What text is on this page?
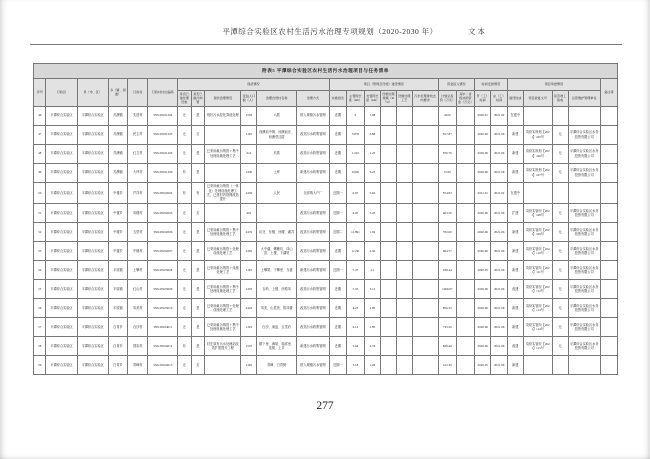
平潭综合实验区农村生活污水治理专项规划（2020-2030 年）	文本
附表5 平潭综合实验区农村生活污水治理项目与任务清单
序号	行政区	县（市、区）	乡（镇、街道）	行政村	行政村村庄编码	现状情况						项目（管网及设施）建设情况						资金投入情况		时间安排情况		项目审批情况				备注等
						是否已建处理设施	是否已截污纳管	现状治理情况	受益人口数（人）	治理自然村名称	治理方式	实施批次	主管网长度（km）	支管网长度（km）	设施处理规模（m³/d）	设施处理工艺	污水处理排放去向要求	计划总投资（万元）	其中：省级补助资金（万元）	开（工）时间	完（工）时间	建设性质	项目批复文号	是否竣工验收	运营维护管理单位	
46	平潭综合实验区	平潭综合实验区	苏澳镇	先进村	350128101204	无	是	现状污水经化粪池处理	1503	六厝	纳入城镇污水管网	近期	0	1.98				2024		2020.01	2021.02	在建中				
47	平潭综合实验区	平潭综合实验区	苏澳镇	民主村	350128101205	无	否		1195	西澳前中街、西澳前北、西澳堂边厝	改造污水收集管网	近期	3.876	6.88				817.87		2020.06	2021.06	新建	岚综实规划【2021】105号	无	平潭综合实验区水务投资有限公司	
48	平潭综合实验区	平潭综合实验区	苏澳镇	红卫村	350128101206	无	是	已采用截污纳管＋集中处理设施处理工艺	612	后厝	改造污水收集管网	近期	1.216	1.25				876.76		2020.06	2021.06	新建	岚综实规划【2021】106号	无	平潭综合实验区水务投资有限公司	
49	平潭综合实验区	平潭综合实验区	苏澳镇	大坪村	350128101300	有	是		1436	土库	新建污水收集管网	近期	0.902	6.23				72.06		2020.06	2021.06	新建	岚综实规划【2021】107号	无	平潭综合实验区水务投资有限公司	
50	平潭综合实验区	平潭综合实验区	中楼乡	芦洋村	350128102004	有	有	已采用截污纳管（一体化）处理设施处理工艺，已建村内管网改造提升	2439	人民	全部纳入户厂	近期一	0.05	5.62				874.83		2021.01	2021.02	在建中				
51	平潭综合实验区	平潭综合实验区	中楼乡	凤楼村	350128102005	无	否		401		改造污水收集管网	近期一	6.05	5.43				463.56		2020.06	2021.06	扩建	岚综实管综【2021】108号	无	平潭综合实验区水务投资有限公司	
52	平潭综合实验区	平潭综合实验区	中楼乡	玉堂村	350128102006	无	是	已采用截污纳管＋集中处理设施处理工艺	2476	坑北、东楼、西楼、湖井	改造污水收集管网	近期二	11.891	1.92				782.60		2020.06	2021.06	新建	岚综实管综【2021】109号	无	平潭综合实验区水务投资有限公司	
53	平潭综合实验区	平潭综合实验区	中楼乡	中楼村	350128102007	无	是	已采用截污纳管＋处理设施处理工艺	2465	大中湖、螺栅坑、凤山顶、上楼、下湖尾	改造污水收集管网	近期	4.136	2.36				604.77		2020.06	2021.06	新建	岚综实管综【2021】110号	无	平潭综合实验区水务投资有限公司	
54	平潭综合实验区	平潭综合实验区	平原镇	上攀村	350128103008	无	是	已采用截污纳管＋设施处理工艺	1193	上攀尾、下攀里、当盛	新建污水收集管网	近期一	7.47	2.1				938.44		2020.05	2021.06	新建	岚综实管综【2021】111号	无	平潭综合实验区水务投资有限公司	
55	平潭综合实验区	平潭综合实验区	平原镇	红山村	350128103009	无	是	已采用截污纳管＋集中处理设施处理工艺	1476	玉屿、上楼、西梧凤	改造污水收集管网	近期	5.35	3.12				1069.07		2020.06	2021.06	改建	岚综实管综【2021】112号	无	平潭综合实验区水务投资有限公司	
56	平潭综合实验区	平潭综合实验区	平原镇	凤美村	350128103010	无	是	已采用截污纳管＋处理设施处理工艺	2443	凤美、山显美、梧凤楼	改造污水收集管网	近期	4.23	2.85				856.32		2020.06	2021.06	新建	岚综实管综【2021】113号	无	平潭综合实验区水务投资有限公司	
57	平潭综合实验区	平潭综合实验区	白青乡	白沙村	350128104011	无	是	已采用截污纳管＋集中处理设施处理工艺	1193	白沙、南盘、玉堂后	改造污水收集管网	近期	6.12	1.85				745.20		2020.06	2021.06	新建	岚综实管综【2021】114号	无	平潭综合实验区水务投资有限公司	
58	平潭综合实验区	平潭综合实验区	白青乡	国彩村	350128104012	有	是	村庄原有污水处理站改造扩建提升工程	1547	殿下里、海尾、瑞祥里、连街、上井	新建污水收集管网	近期	5.64	2.74				828.46		2020.06	2021.06	改建	岚综实管综【2021】115号	无	平潭综合实验区水务投资有限公司	
59	平潭综合实验区	平潭综合实验区	白青乡	青峰村	350128104013	无	否		1192	青峰、白青街	纳入城镇污水管网	近期一	3.18	1.26				412.35		2020.05	2021.06	新建				
277
